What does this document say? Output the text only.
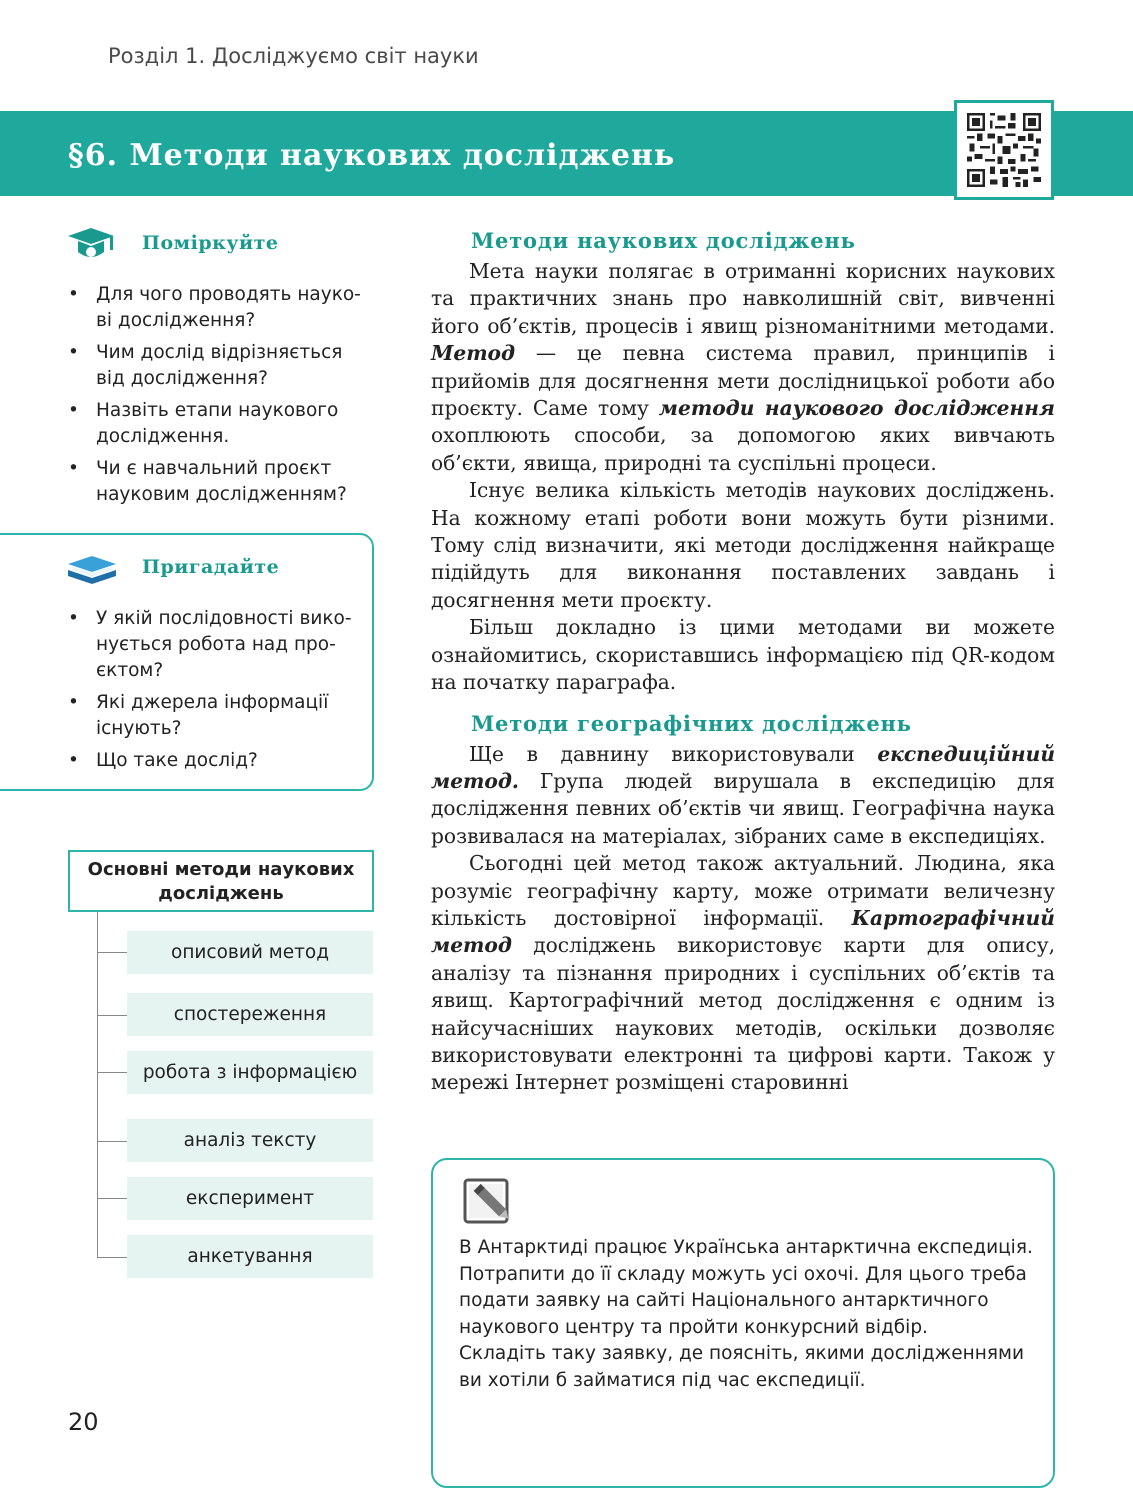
Розділ 1. Досліджуємо світ науки
§6. Методи наукових досліджень
Поміркуйте
• Для чого проводять науко-ві дослідження?
• Чим дослід відрізняється від дослідження?
• Назвіть етапи наукового дослідження.
• Чи є навчальний проєкт науковим дослідженням?
Пригадайте
• У якій послідовності вико-нується робота над про-єктом?
• Які джерела інформації існують?
• Що таке дослід?
Основні методи наукових досліджень
описовий метод
спостереження
робота з інформацією
аналіз тексту
експеримент
анкетування
Методи наукових досліджень

Мета науки полягає в отриманні корисних наукових та практичних знань про навколишній світ, вивченні його об’єктів, процесів і явищ різноманітними методами. Метод — це певна система правил, принципів і прийомів для досягнення мети дослідницької роботи або проєкту. Саме тому методи наукового дослідження охоплюють способи, за допомогою яких вивчають об’єкти, явища, природні та суспільні процеси.

Існує велика кількість методів наукових досліджень. На кожному етапі роботи вони можуть бути різними. Тому слід визначити, які методи дослідження найкраще підійдуть для виконання поставлених завдань і досягнення мети проєкту.

Більш докладно із цими методами ви можете ознайомитись, скориставшись інформацією під QR-кодом на початку параграфа.

Методи географічних досліджень

Ще в давнину використовували експедиційний метод. Група людей вирушала в експедицію для дослідження певних об’єктів чи явищ. Географічна наука розвивалася на матеріалах, зібраних саме в експедиціях.

Сьогодні цей метод також актуальний. Людина, яка розуміє географічну карту, може отримати величезну кількість достовірної інформації. Картографічний метод досліджень використовує карти для опису, аналізу та пізнання природних і суспільних об’єктів та явищ. Картографічний метод дослідження є одним із найсучасніших наукових методів, оскільки дозволяє використовувати електронні та цифрові карти. Також у мережі Інтернет розміщені старовинні

В Антарктиді працює Українська антарктична експедиція. Потрапити до її складу можуть усі охочі. Для цього треба подати заявку на сайті Національного антарктичного наукового центру та пройти конкурсний відбір.

Складіть таку заявку, де поясніть, якими дослідженнями ви хотіли б займатися під час експедиції.

20
